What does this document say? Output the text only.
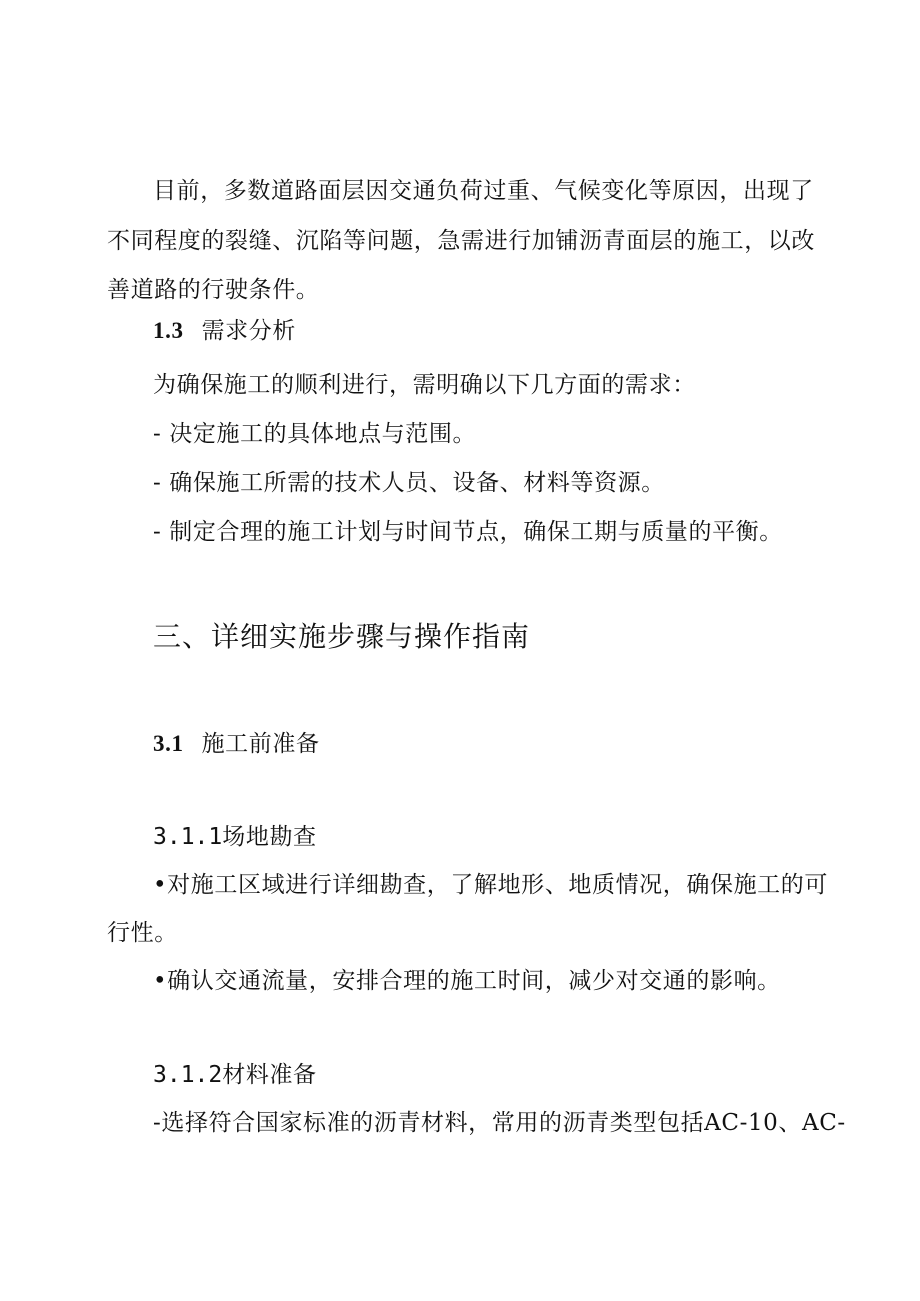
目前，多数道路面层因交通负荷过重、气候变化等原因，出现了
不同程度的裂缝、沉陷等问题，急需进行加铺沥青面层的施工，以改
善道路的行驶条件。
1.3 需求分析
为确保施工的顺利进行，需明确以下几方面的需求：
- 决定施工的具体地点与范围。
- 确保施工所需的技术人员、设备、材料等资源。
- 制定合理的施工计划与时间节点，确保工期与质量的平衡。
三、详细实施步骤与操作指南
3.1 施工前准备
3.1.1场地勘查
•对施工区域进行详细勘查，了解地形、地质情况，确保施工的可
行性。
•确认交通流量，安排合理的施工时间，减少对交通的影响。
3.1.2材料准备
-选择符合国家标准的沥青材料，常用的沥青类型包括AC-10、AC-
